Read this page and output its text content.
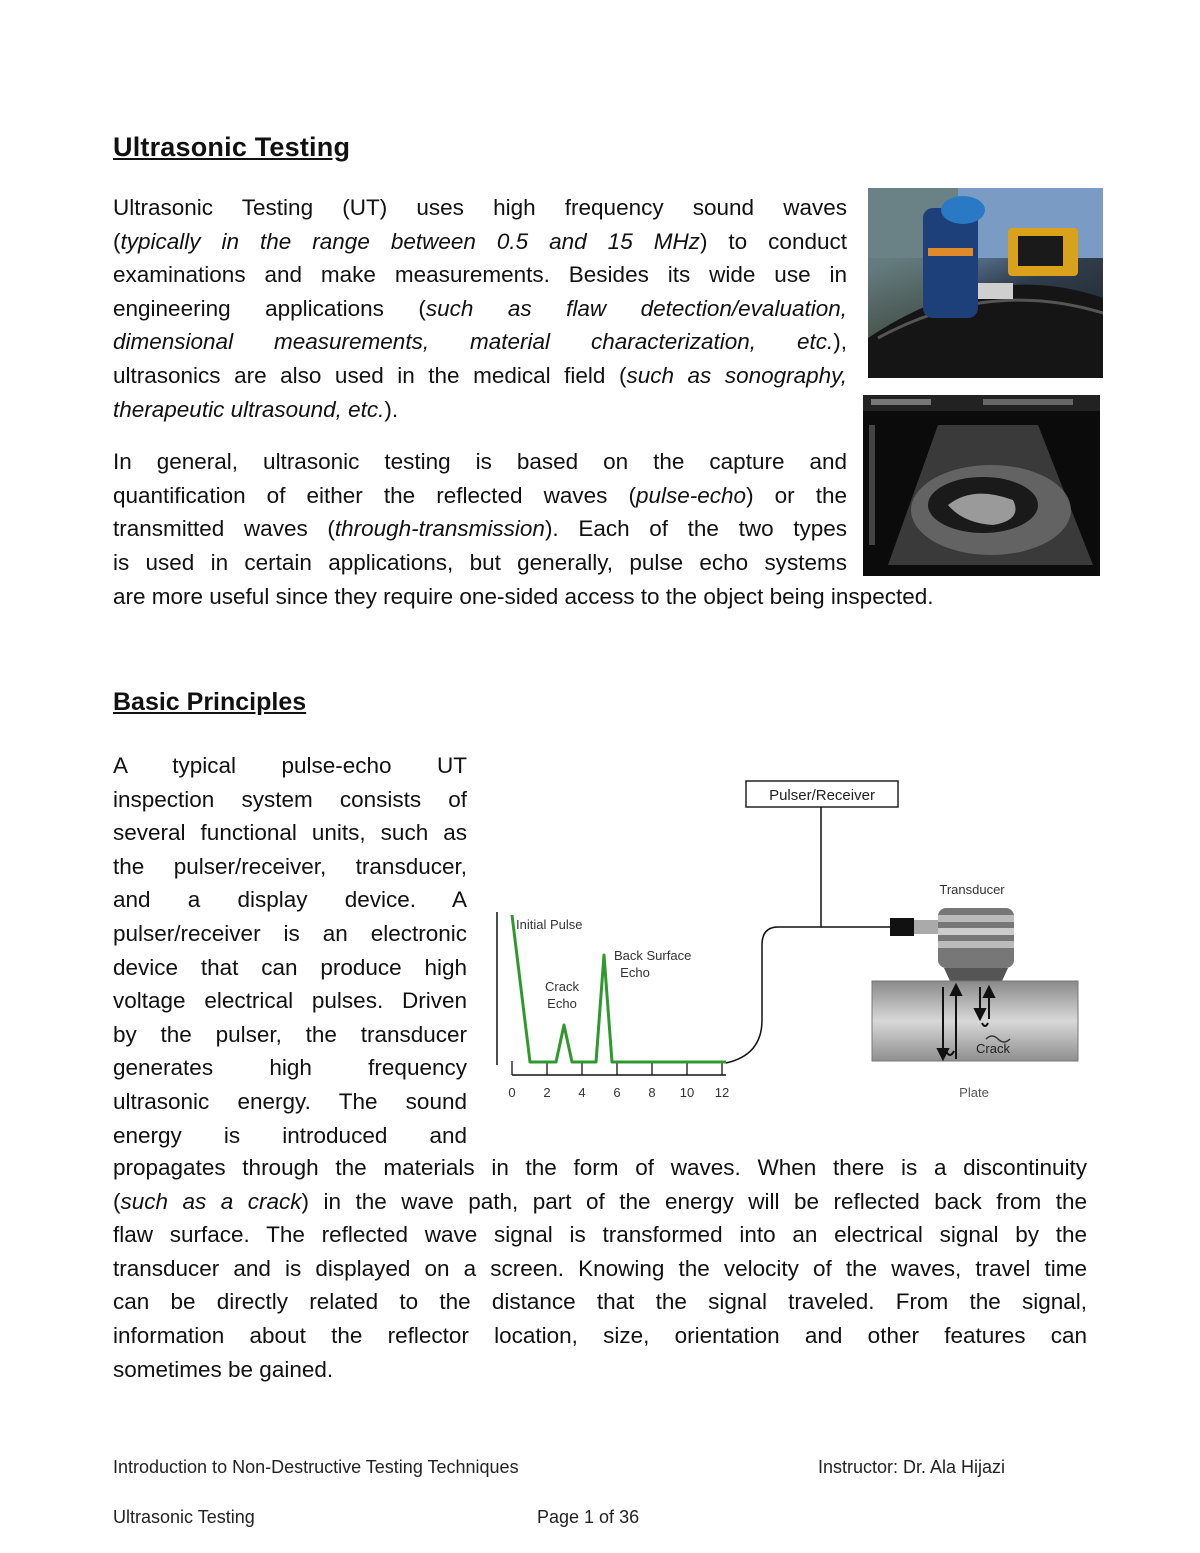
Ultrasonic Testing
Ultrasonic Testing (UT) uses high frequency sound waves
(typically in the range between 0.5 and 15 MHz) to conduct
examinations and make measurements. Besides its wide use in
engineering applications (such as flaw detection/evaluation,
dimensional measurements, material characterization, etc.),
ultrasonics are also used in the medical field (such as sonography,
therapeutic ultrasound, etc.).
In general, ultrasonic testing is based on the capture and
quantification of either the reflected waves (pulse-echo) or the
transmitted waves (through-transmission). Each of the two types
is used in certain applications, but generally, pulse echo systems
are more useful since they require one-sided access to the object being inspected.
Basic Principles
A typical pulse-echo UT
inspection system consists of
several functional units, such as
the pulser/receiver, transducer,
and a display device. A
pulser/receiver is an electronic
device that can produce high
voltage electrical pulses. Driven
by the pulser, the transducer
generates high frequency
ultrasonic energy. The sound
energy is introduced and
propagates through the materials in the form of waves. When there is a discontinuity
(such as a crack) in the wave path, part of the energy will be reflected back from the
flaw surface. The reflected wave signal is transformed into an electrical signal by the
transducer and is displayed on a screen. Knowing the velocity of the waves, travel time
can be directly related to the distance that the signal traveled. From the signal,
information about the reflector location, size, orientation and other features can
sometimes be gained.
Pulser/Receiver
Transducer
Crack
Plate
0 2 4 6 8 10 12
Initial Pulse
Back Surface
Echo
Crack
Echo
Introduction to Non-Destructive Testing Techniques	Instructor: Dr. Ala Hijazi
Ultrasonic Testing	Page 1 of 36
